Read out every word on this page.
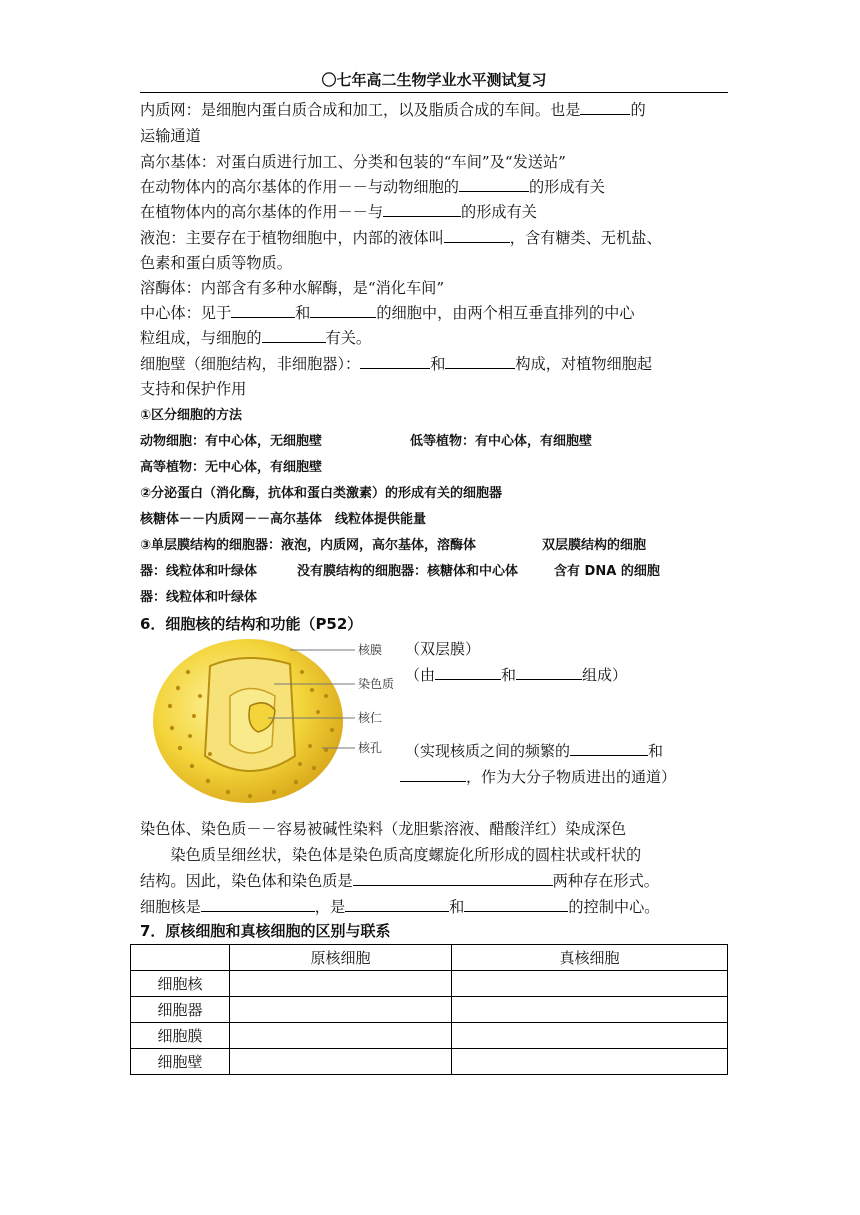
〇七年高二生物学业水平测试复习
内质网：是细胞内蛋白质合成和加工，以及脂质合成的车间。也是	的
运输通道
高尔基体：对蛋白质进行加工、分类和包装的“车间”及“发送站”
在动物体内的高尔基体的作用－－与动物细胞的	的形成有关
在植物体内的高尔基体的作用－－与	的形成有关
液泡：主要存在于植物细胞中，内部的液体叫	，含有糖类、无机盐、
色素和蛋白质等物质。
溶酶体：内部含有多种水解酶，是“消化车间”
中心体：见于	和	的细胞中，由两个相互垂直排列的中心
粒组成，与细胞的	有关。
细胞壁（细胞结构，非细胞器）：	和	构成，对植物细胞起
支持和保护作用
①区分细胞的方法
动物细胞：有中心体，无细胞壁	低等植物：有中心体，有细胞壁
高等植物：无中心体，有细胞壁
②分泌蛋白（消化酶，抗体和蛋白类激素）的形成有关的细胞器
核糖体－－内质网－－高尔基体　线粒体提供能量
③单层膜结构的细胞器：液泡，内质网，高尔基体，溶酶体	双层膜结构的细胞
器：线粒体和叶绿体	没有膜结构的细胞器：核糖体和中心体	含有 DNA 的细胞
器：线粒体和叶绿体
6．细胞核的结构和功能（P52）
核膜
染色质
核仁
核孔
（双层膜）
（由	和	组成）
（实现核质之间的频繁的	和
，作为大分子物质进出的通道）
染色体、染色质－－容易被碱性染料（龙胆紫溶液、醋酸洋红）染成深色
　　染色质呈细丝状，染色体是染色质高度螺旋化所形成的圆柱状或杆状的
结构。因此，染色体和染色质是	两种存在形式。
细胞核是	，是	和	的控制中心。
7．原核细胞和真核细胞的区别与联系
	原核细胞	真核细胞
细胞核		
细胞器		
细胞膜		
细胞壁		
